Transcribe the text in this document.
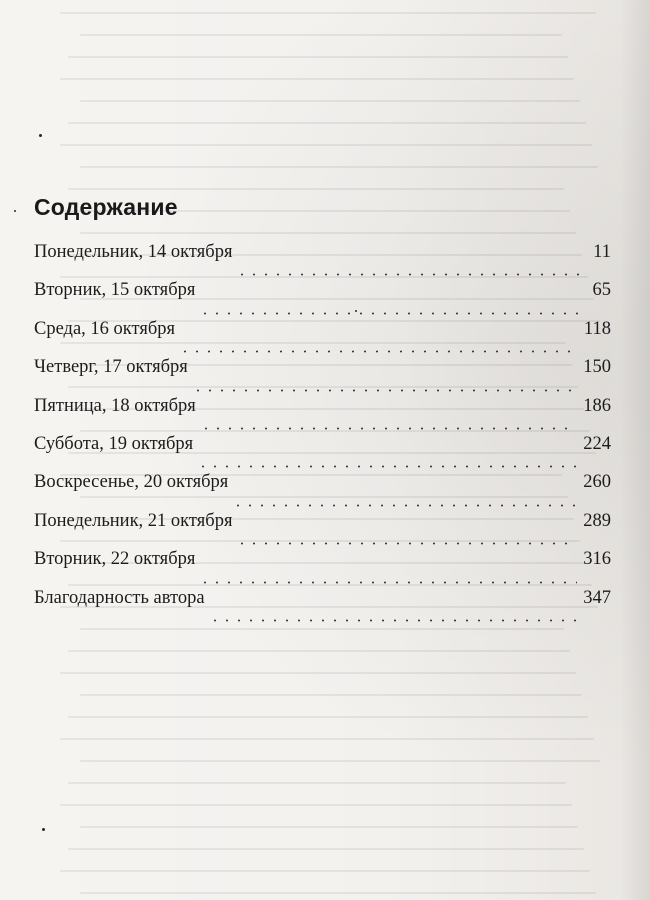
Содержание
Понедельник, 14 октября	11
Вторник, 15 октября	65
Среда, 16 октября	118
Четверг, 17 октября	150
Пятница, 18 октября	186
Суббота, 19 октября	224
Воскресенье, 20 октября	260
Понедельник, 21 октября	289
Вторник, 22 октября	316
Благодарность автора	347
